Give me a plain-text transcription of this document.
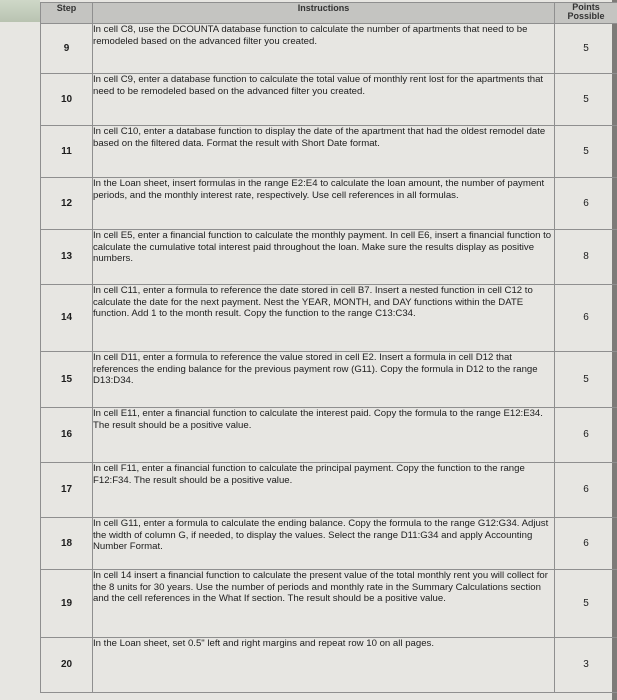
Step	Instructions	Points Possible
9	In cell C8, use the DCOUNTA database function to calculate the number of apartments that need to be remodeled based on the advanced filter you created.	5
10	In cell C9, enter a database function to calculate the total value of monthly rent lost for the apartments that need to be remodeled based on the advanced filter you created.	5
11	In cell C10, enter a database function to display the date of the apartment that had the oldest remodel date based on the filtered data. Format the result with Short Date format.	5
12	In the Loan sheet, insert formulas in the range E2:E4 to calculate the loan amount, the number of payment periods, and the monthly interest rate, respectively. Use cell references in all formulas.	6
13	In cell E5, enter a financial function to calculate the monthly payment. In cell E6, insert a financial function to calculate the cumulative total interest paid throughout the loan. Make sure the results display as positive numbers.	8
14	In cell C11, enter a formula to reference the date stored in cell B7. Insert a nested function in cell C12 to calculate the date for the next payment. Nest the YEAR, MONTH, and DAY functions within the DATE function. Add 1 to the month result. Copy the function to the range C13:C34.	6
15	In cell D11, enter a formula to reference the value stored in cell E2. Insert a formula in cell D12 that references the ending balance for the previous payment row (G11). Copy the formula in D12 to the range D13:D34.	5
16	In cell E11, enter a financial function to calculate the interest paid. Copy the formula to the range E12:E34. The result should be a positive value.	6
17	In cell F11, enter a financial function to calculate the principal payment. Copy the function to the range F12:F34. The result should be a positive value.	6
18	In cell G11, enter a formula to calculate the ending balance. Copy the formula to the range G12:G34. Adjust the width of column G, if needed, to display the values. Select the range D11:G34 and apply Accounting Number Format.	6
19	In cell 14 insert a financial function to calculate the present value of the total monthly rent you will collect for the 8 units for 30 years. Use the number of periods and monthly rate in the Summary Calculations section and the cell references in the What If section. The result should be a positive value.	5
20	In the Loan sheet, set 0.5" left and right margins and repeat row 10 on all pages.	3
